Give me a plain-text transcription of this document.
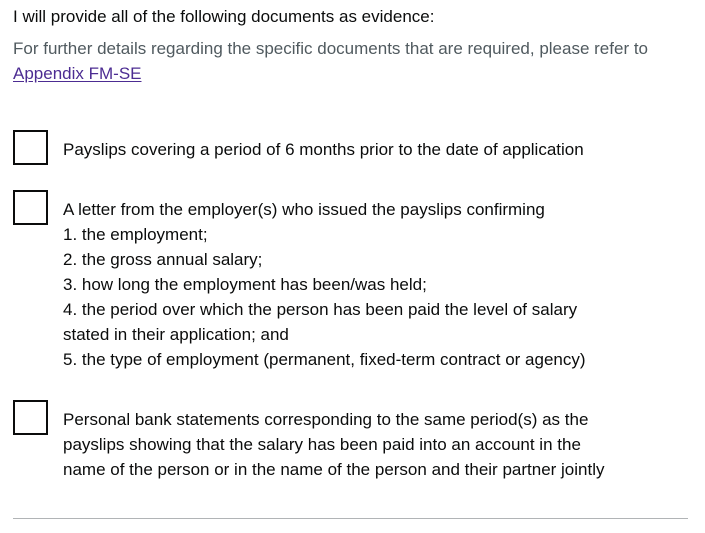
I will provide all of the following documents as evidence:
For further details regarding the specific documents that are required, please refer to Appendix FM-SE
Payslips covering a period of 6 months prior to the date of application
A letter from the employer(s) who issued the payslips confirming
1. the employment;
2. the gross annual salary;
3. how long the employment has been/was held;
4. the period over which the person has been paid the level of salary
stated in their application; and
5. the type of employment (permanent, fixed-term contract or agency)
Personal bank statements corresponding to the same period(s) as the
payslips showing that the salary has been paid into an account in the
name of the person or in the name of the person and their partner jointly
